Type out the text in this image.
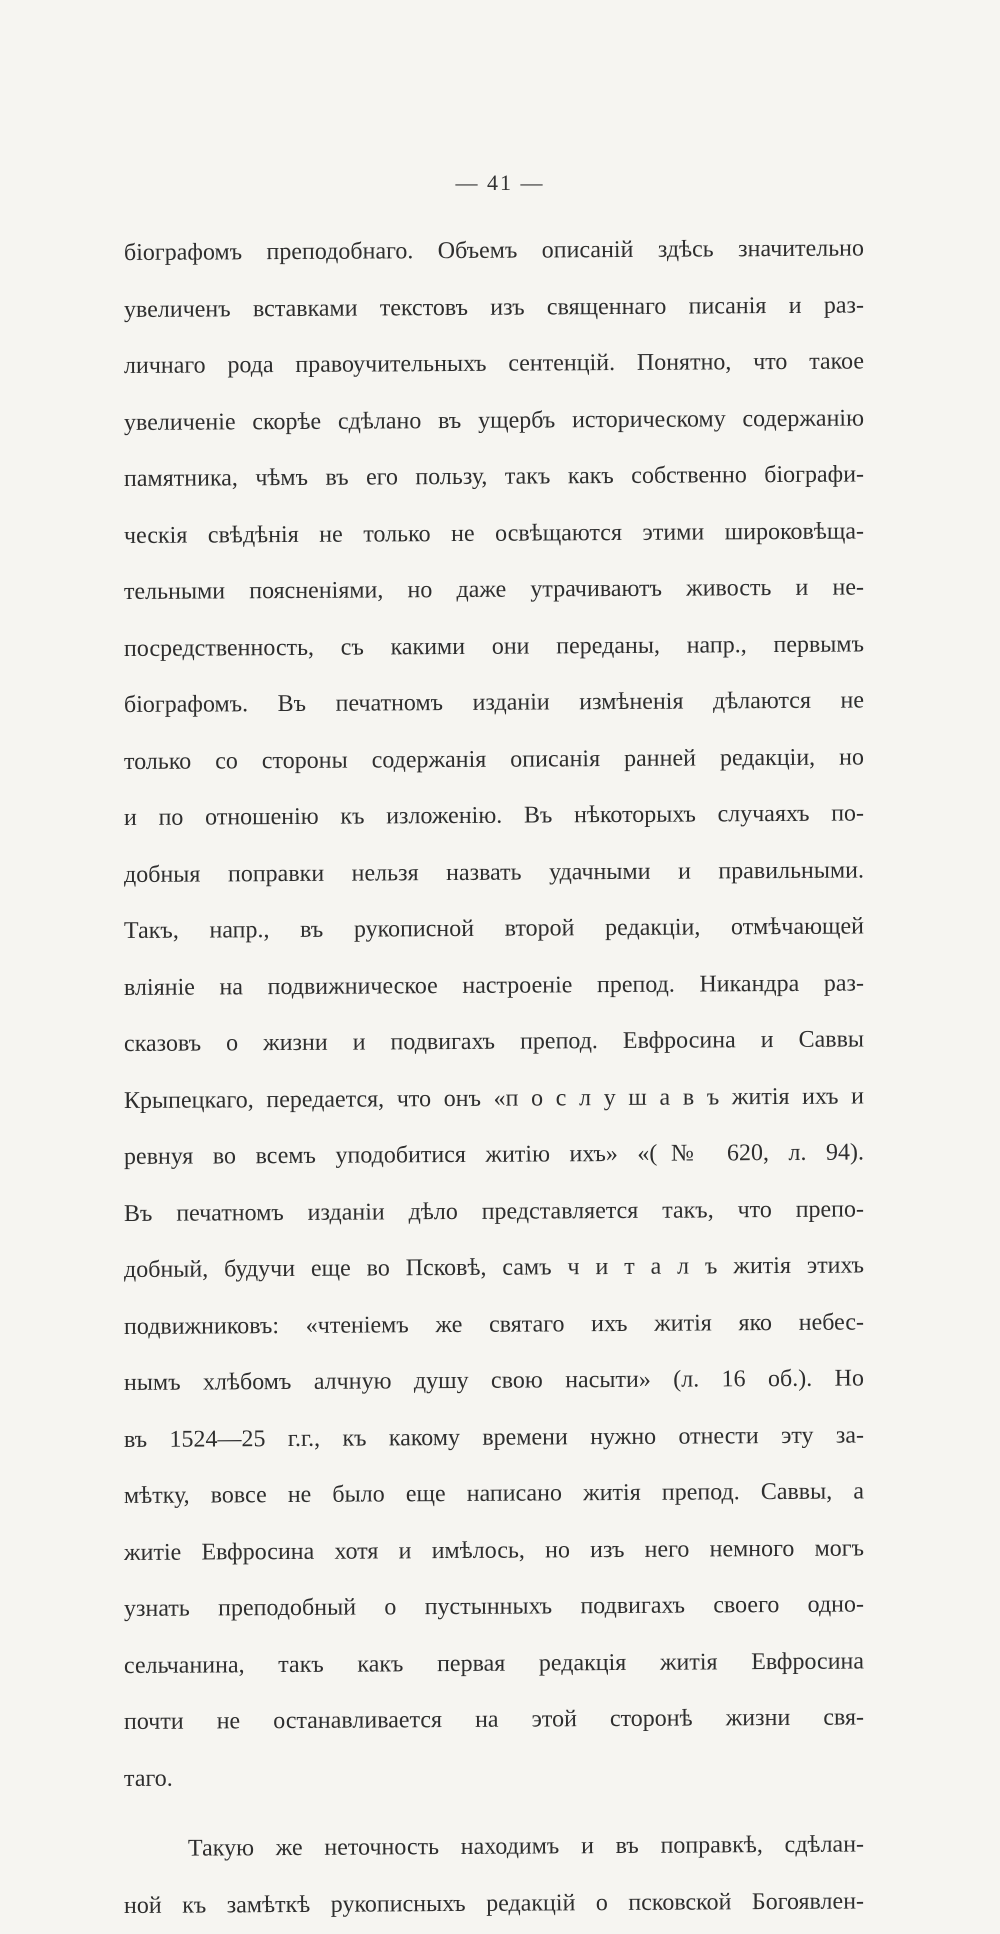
— 41 —
біографомъ преподобнаго. Объемъ описаній здѣсь значительно
увеличенъ вставками текстовъ изъ священнаго писанія и раз-
личнаго рода правоучительныхъ сентенцій. Понятно, что такое
увеличеніе скорѣе сдѣлано въ ущербъ историческому содержанію
памятника, чѣмъ въ его пользу, такъ какъ собственно біографи-
ческія свѣдѣнія не только не освѣщаются этими широковѣща-
тельными поясненіями, но даже утрачиваютъ живость и не-
посредственность, съ какими они переданы, напр., первымъ
біографомъ. Въ печатномъ изданіи измѣненія дѣлаются не
только со стороны содержанія описанія ранней редакціи, но
и по отношенію къ изложенію. Въ нѣкоторыхъ случаяхъ по-
добныя поправки нельзя назвать удачными и правильными.
Такъ, напр., въ рукописной второй редакціи, отмѣчающей
вліяніе на подвижническое настроеніе препод. Никандра раз-
сказовъ о жизни и подвигахъ препод. Евфросина и Саввы
Крыпецкаго, передается, что онъ «п о с л у ш а в ъ житія ихъ и
ревнуя во всемъ уподобитися житію ихъ» «(№ 620, л. 94).
Въ печатномъ изданіи дѣло представляется такъ, что препо-
добный, будучи еще во Псковѣ, самъ ч и т а л ъ житія этихъ
подвижниковъ: «чтеніемъ же святаго ихъ житія яко небес-
нымъ хлѣбомъ алчную душу свою насыти» (л. 16 об.). Но
въ 1524—25 г.г., къ какому времени нужно отнести эту за-
мѣтку, вовсе не было еще написано житія препод. Саввы, а
житіе Евфросина хотя и имѣлось, но изъ него немного могъ
узнать преподобный о пустынныхъ подвигахъ своего одно-
сельчанина, такъ какъ первая редакція житія Евфросина
почти не останавливается на этой сторонѣ жизни свя-
таго.
Такую же неточность находимъ и въ поправкѣ, сдѣлан-
ной къ замѣткѣ рукописныхъ редакцій о псковской Богоявлен-
